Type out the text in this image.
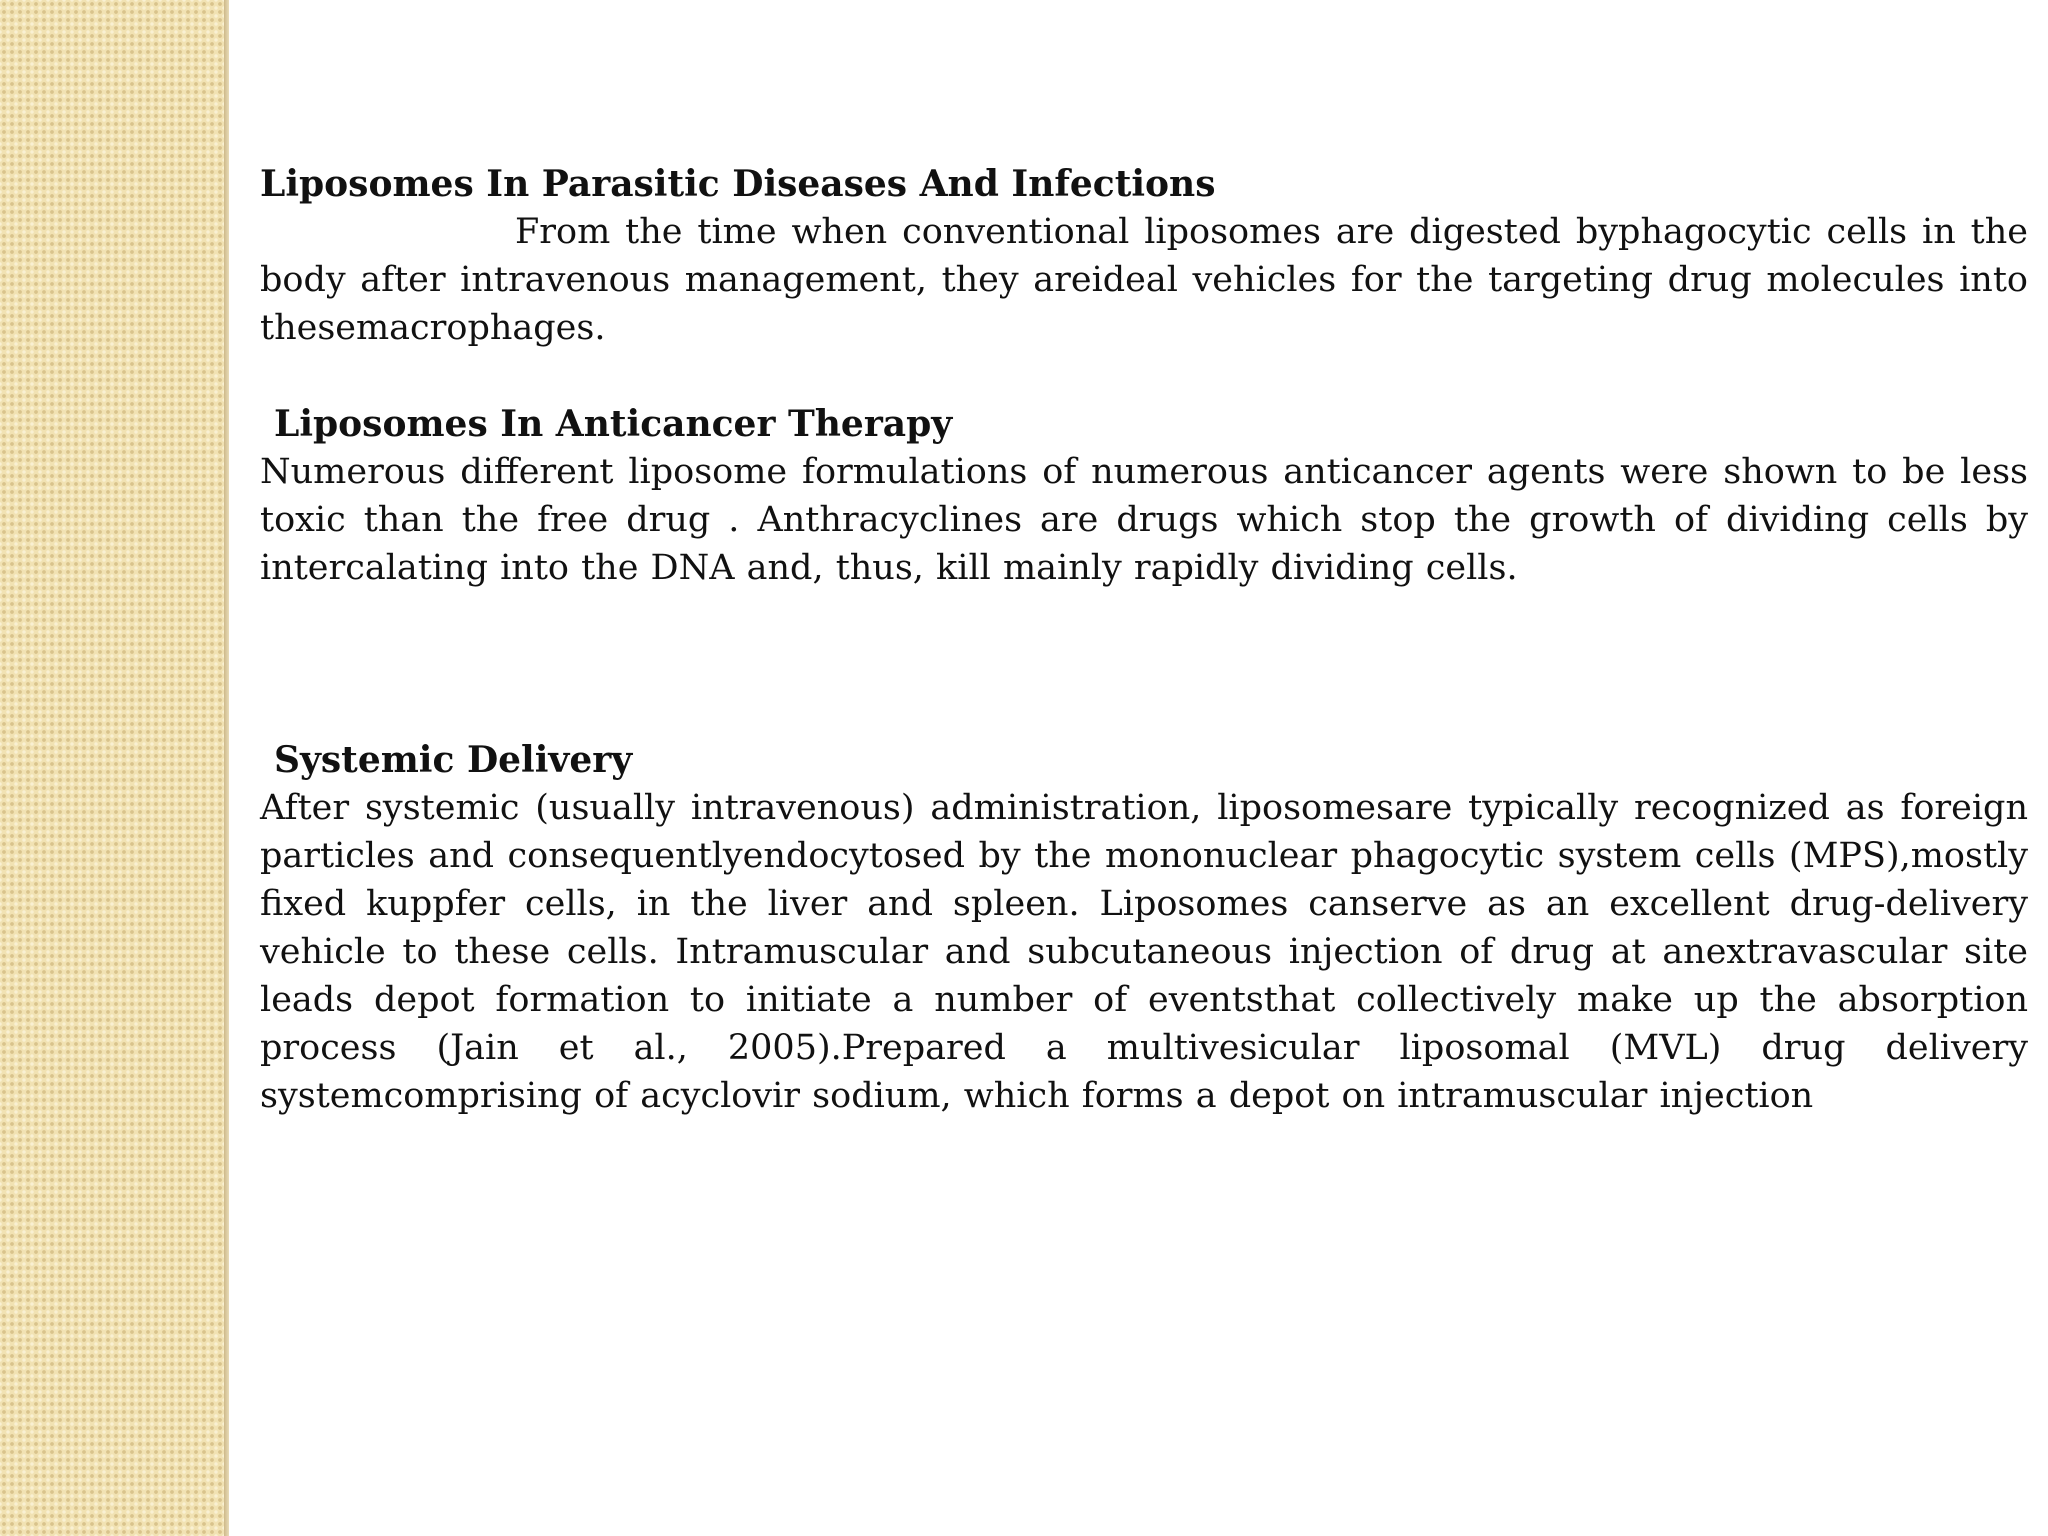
Liposomes In Parasitic Diseases And Infections

From the time when conventional liposomes are digested byphagocytic cells in the body after intravenous management, they areideal vehicles for the targeting drug molecules into thesemacrophages.

Liposomes In Anticancer Therapy

Numerous different liposome formulations of numerous anticancer agents were shown to be less toxic than the free drug . Anthracyclines are drugs which stop the growth of dividing cells by intercalating into the DNA and, thus, kill mainly rapidly dividing cells.

Systemic Delivery

After systemic (usually intravenous) administration, liposomesare typically recognized as foreign particles and consequentlyendocytosed by the mononuclear phagocytic system cells (MPS),mostly fixed kuppfer cells, in the liver and spleen. Liposomes canserve as an excellent drug-delivery vehicle to these cells. Intramuscular and subcutaneous injection of drug at anextravascular site leads depot formation to initiate a number of eventsthat collectively make up the absorption process (Jain et al., 2005).Prepared a multivesicular liposomal (MVL) drug delivery systemcomprising of acyclovir sodium, which forms a depot on intramuscular injection
